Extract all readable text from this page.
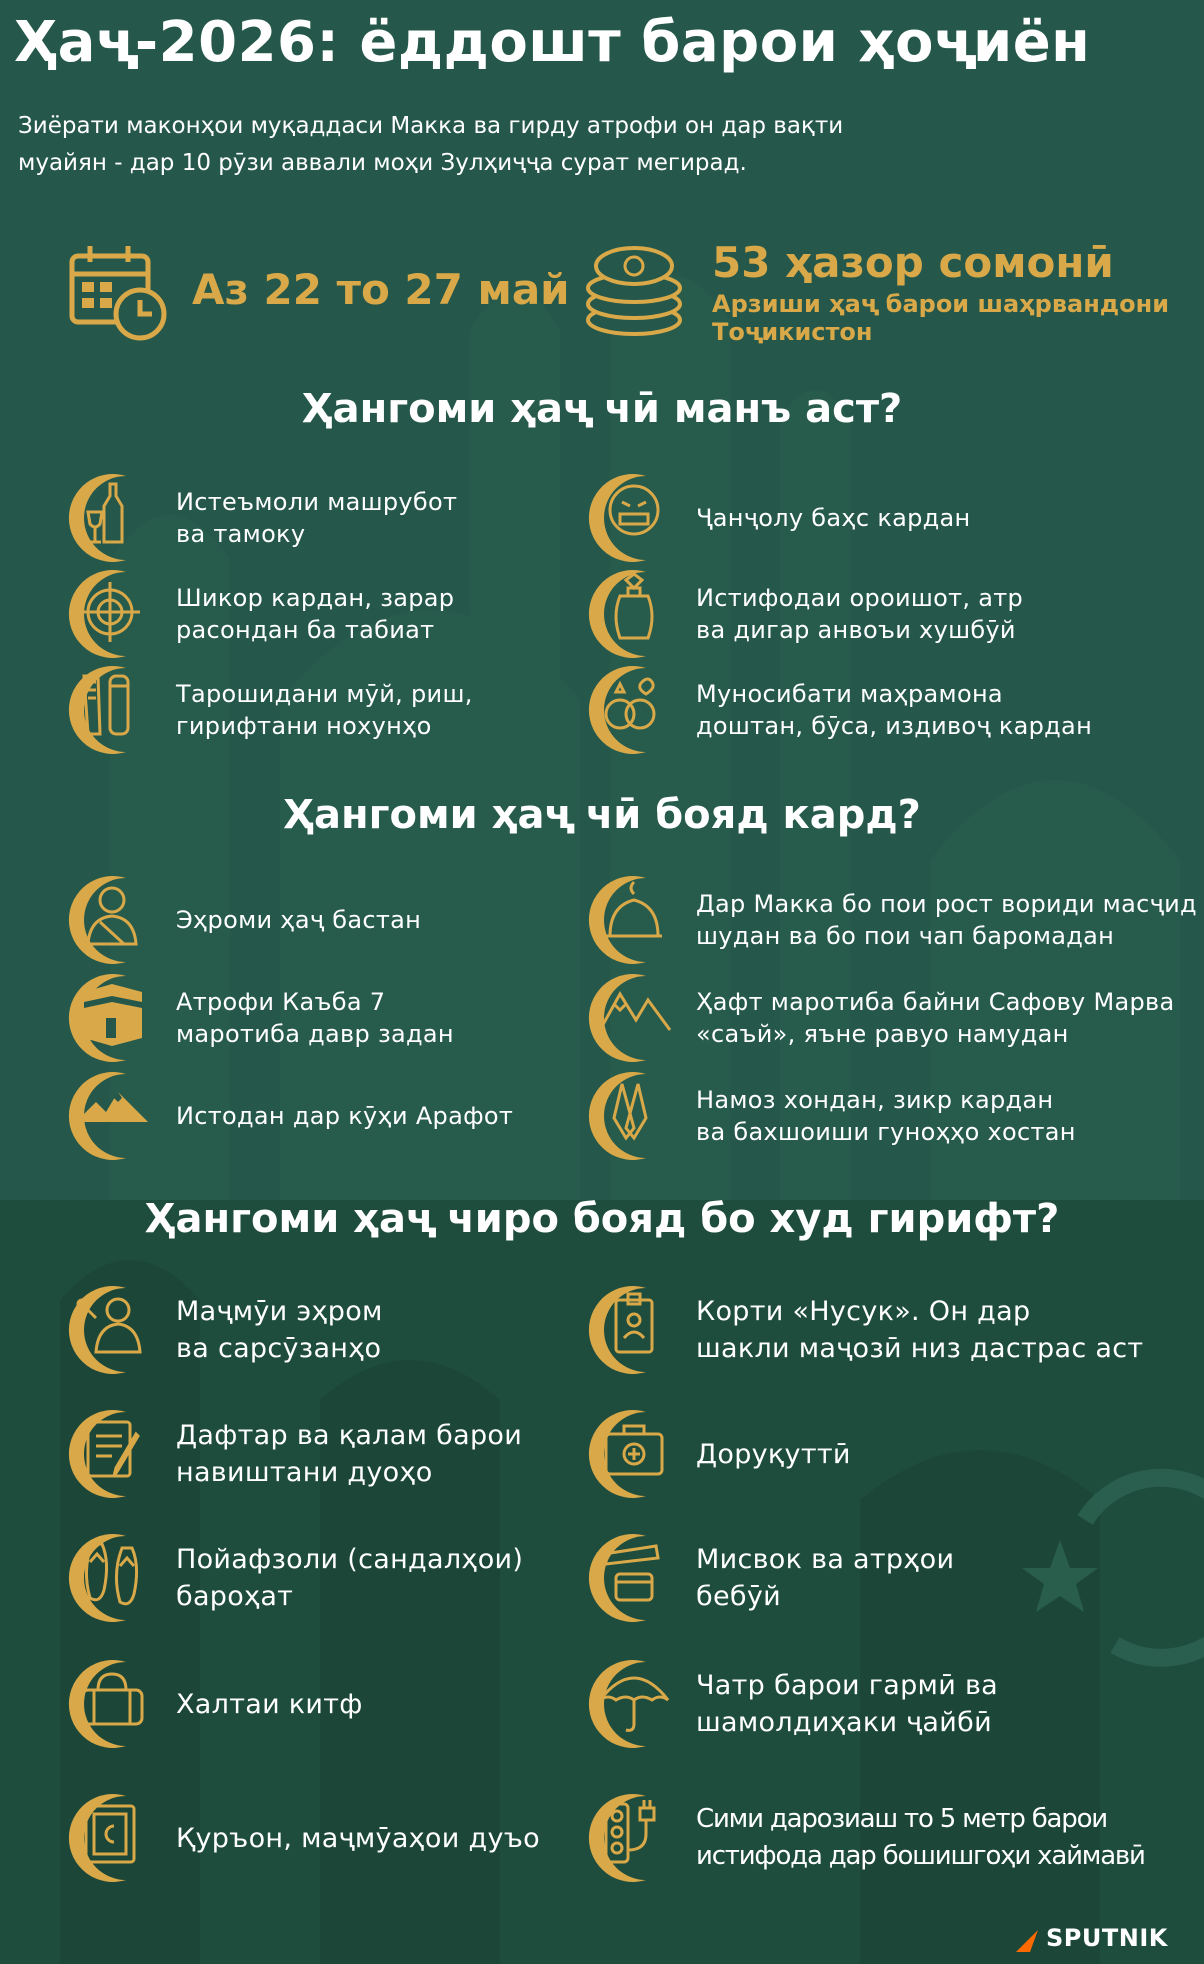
Ҳаҷ-2026: ёддошт барои ҳоҷиён
Зиёрати маконҳои муқаддаси Макка ва гирду атрофи он дар вақти
муайян - дар 10 рӯзи аввали моҳи Зулҳиҷҷа сурат мегирад.
Аз 22 то 27 май
53 ҳазор сомонӣ
Арзиши ҳаҷ барои шаҳрвандони
Тоҷикистон
Ҳангоми ҳаҷ чӣ манъ аст?
Истеъмоли машрубот
ва тамоку
Ҷанҷолу баҳс кардан
Шикор кардан, зарар
расондан ба табиат
Истифодаи ороишот, атр
ва дигар анвоъи хушбӯй
Тарошидани мӯй, риш,
гирифтани нохунҳо
Муносибати маҳрамона
доштан, бӯса, издивоҷ кардан
Ҳангоми ҳаҷ чӣ бояд кард?
Эҳроми ҳаҷ бастан
Дар Макка бо пои рост вориди масҷид
шудан ва бо пои чап баромадан
Атрофи Каъба 7
маротиба давр задан
Ҳафт маротиба байни Сафову Марва
«саъй», яъне равуо намудан
Истодан дар кӯҳи Арафот
Намоз хондан, зикр кардан
ва бахшоиши гуноҳҳо хостан
Ҳангоми ҳаҷ чиро бояд бо худ гирифт?
Маҷмӯи эҳром
ва сарсӯзанҳо
Корти «Нусук». Он дар
шакли маҷозӣ низ дастрас аст
Дафтар ва қалам барои
навиштани дуоҳо
Доруқуттӣ
Пойафзоли (сандалҳои)
бароҳат
Мисвок ва атрҳои
бебӯй
Халтаи китф
Чатр барои гармӣ ва
шамолдиҳаки ҷайбӣ
Қуръон, маҷмӯаҳои дуъо
Сими дарозиаш то 5 метр барои
истифода дар бошишгоҳи хаймавӣ
SPUTNIK
